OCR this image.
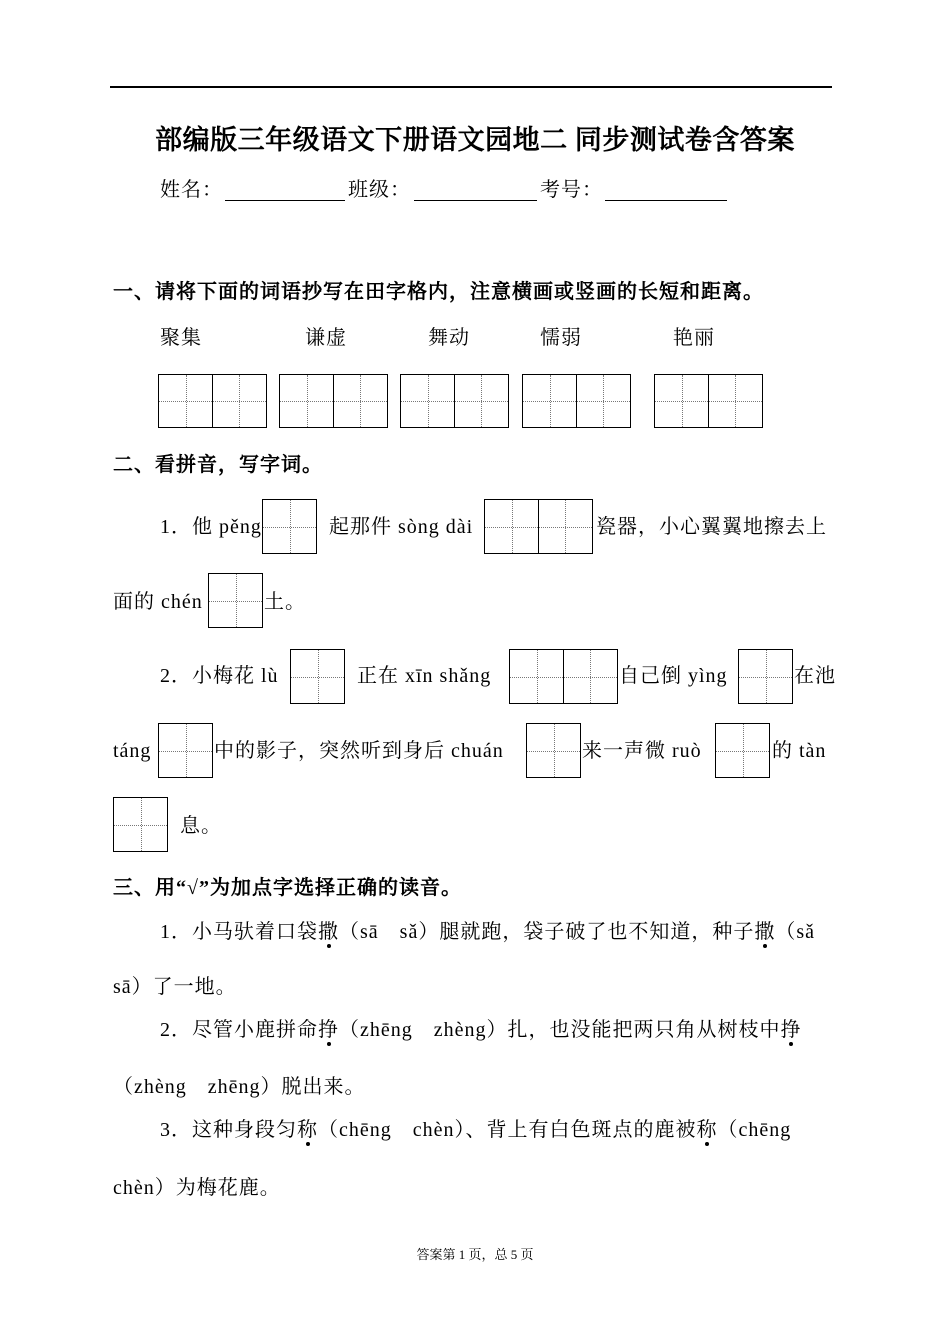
部编版三年级语文下册语文园地二 同步测试卷含答案
姓名：	班级：	考号：
一、请将下面的词语抄写在田字格内，注意横画或竖画的长短和距离。
聚集	谦虚	舞动	懦弱	艳丽
二、看拼音，写字词。
1．他 pěng	起那件 sòng dài	瓷器，小心翼翼地擦去上
面的 chén	土。
2．小梅花 lù	正在 xīn shǎng	自己倒 yìng	在池
táng	中的影子，突然听到身后 chuán	来一声微 ruò	的 tàn
息。
三、用“√”为加点字选择正确的读音。
1．小马驮着口袋撒（sā　sǎ）腿就跑，袋子破了也不知道，种子撒（sǎ
sā）了一地。
2．尽管小鹿拼命挣（zhēng　zhèng）扎，也没能把两只角从树枝中挣
（zhèng　zhēng）脱出来。
3．这种身段匀称（chēng　chèn）、背上有白色斑点的鹿被称（chēng
chèn）为梅花鹿。
答案第 1 页，总 5 页
